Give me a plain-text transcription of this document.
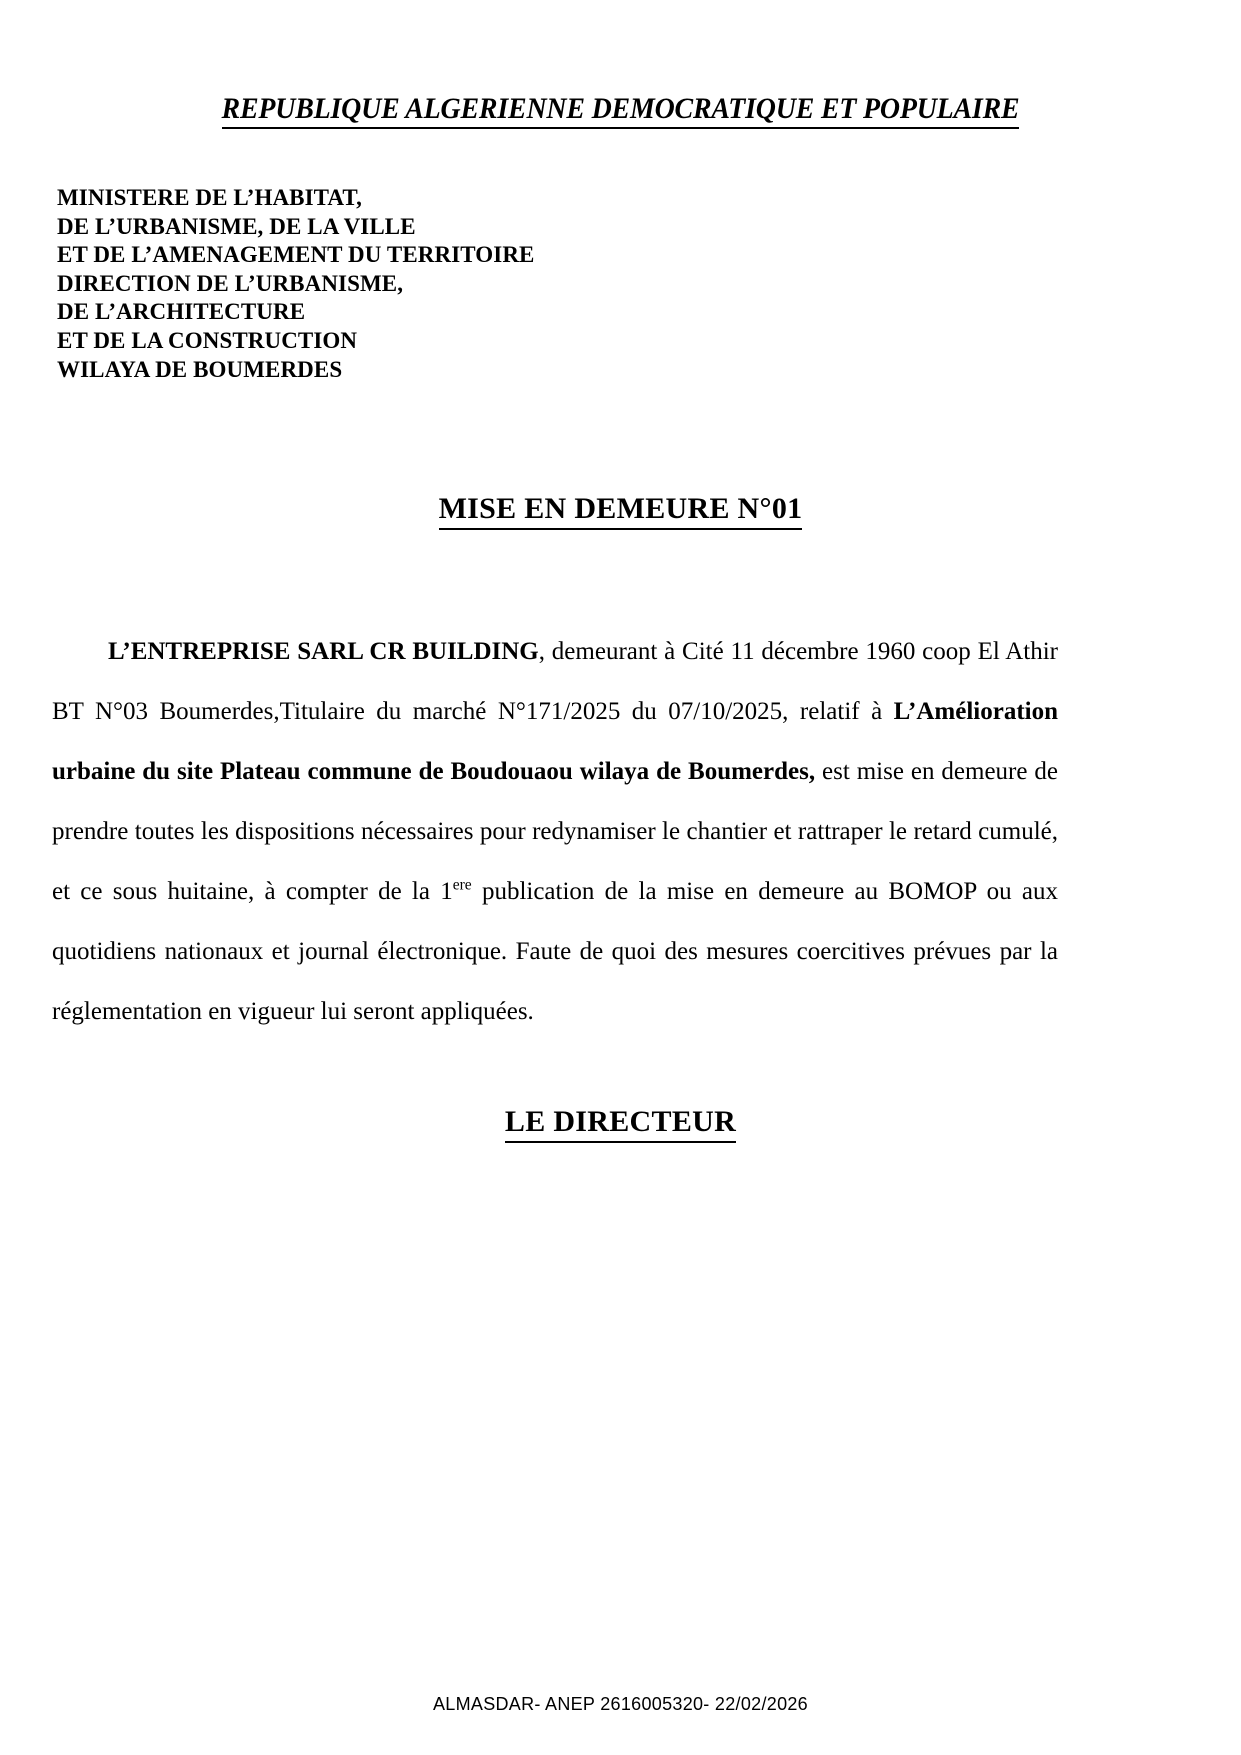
REPUBLIQUE ALGERIENNE DEMOCRATIQUE ET POPULAIRE
MINISTERE DE L’HABITAT,
DE L’URBANISME, DE LA VILLE
ET DE L’AMENAGEMENT DU TERRITOIRE
DIRECTION DE L’URBANISME,
DE L’ARCHITECTURE
ET DE LA CONSTRUCTION
WILAYA DE BOUMERDES
MISE EN DEMEURE N°01
L’ENTREPRISE SARL CR BUILDING, demeurant à Cité 11 décembre 1960 coop El Athir BT N°03 Boumerdes,Titulaire du marché N°171/2025 du 07/10/2025, relatif à L’Amélioration urbaine du site Plateau commune de Boudouaou wilaya de Boumerdes, est mise en demeure de prendre toutes les dispositions nécessaires pour redynamiser le chantier et rattraper le retard cumulé, et ce sous huitaine, à compter de la 1ere publication de la mise en demeure au BOMOP ou aux quotidiens nationaux et journal électronique. Faute de quoi des mesures coercitives prévues par la réglementation en vigueur lui seront appliquées.
LE DIRECTEUR
ALMASDAR- ANEP 2616005320- 22/02/2026
